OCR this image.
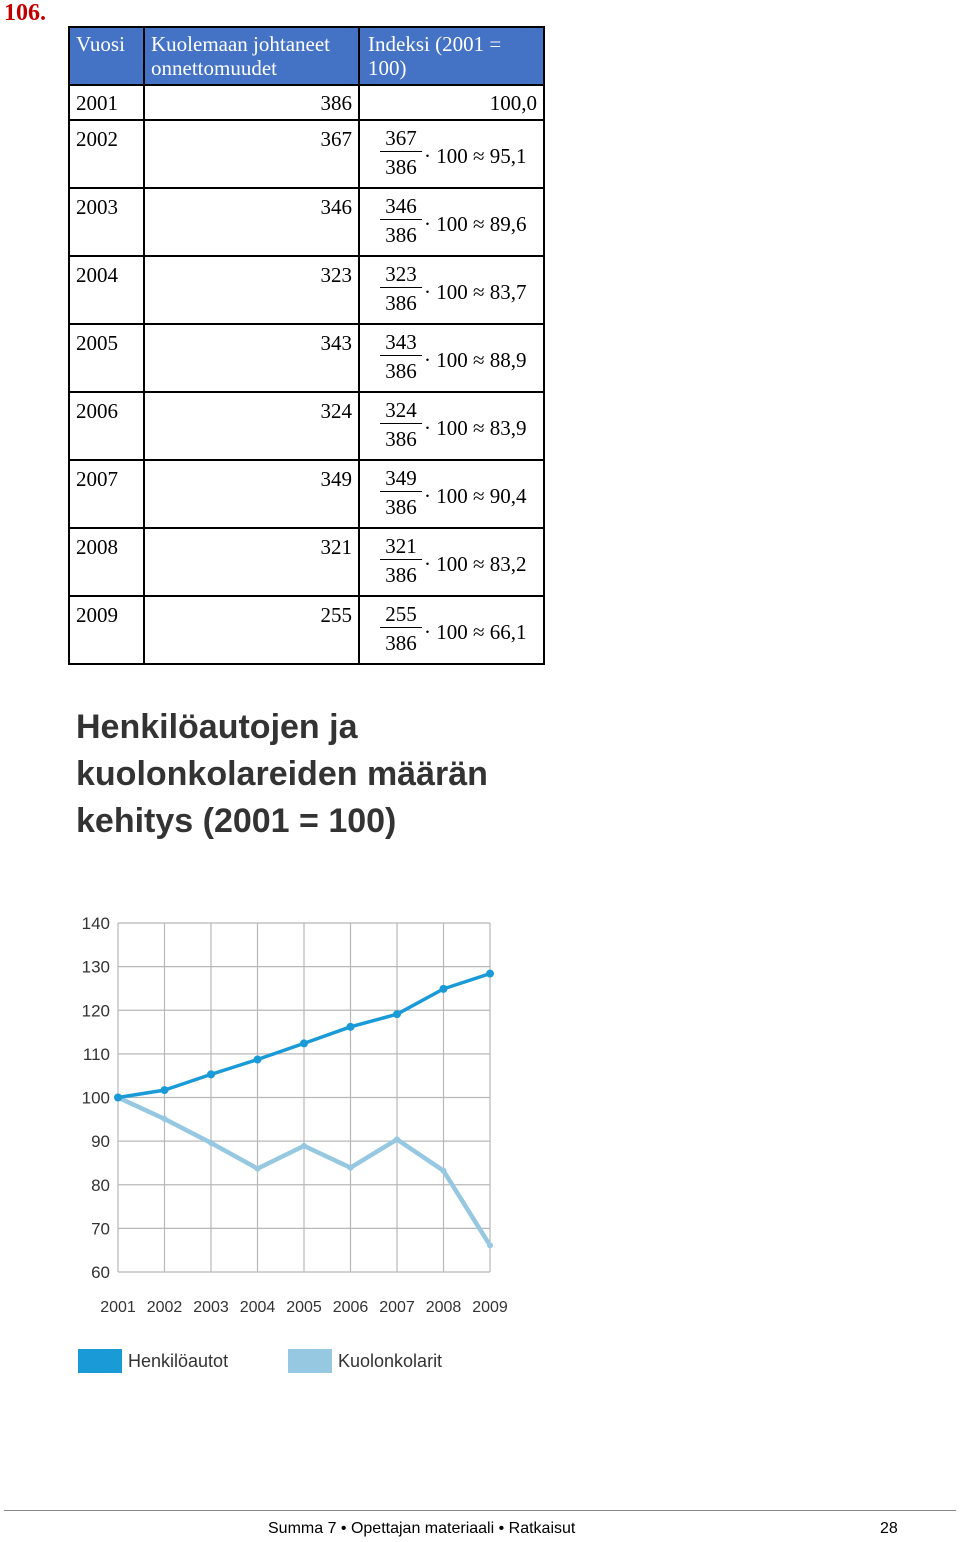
106.
Vuosi	Kuolemaan johtaneet onnettomuudet	Indeksi (2001 = 100)
2001	386	100,0
2002	367	367
386 · 100 ≈ 95,1

2003	346	346
386 · 100 ≈ 89,6

2004	323	323
386 · 100 ≈ 83,7

2005	343	343
386 · 100 ≈ 88,9

2006	324	324
386 · 100 ≈ 83,9

2007	349	349
386 · 100 ≈ 90,4

2008	321	321
386 · 100 ≈ 83,2

2009	255	255
386 · 100 ≈ 66,1
Henkilöautojen ja kuolonkolareiden määrän kehitys (2001 = 100)
140
130
120
110
100
90
80
70
60
2001 2002 2003 2004 2005 2006 2007 2008 2009
Henkilöautot	Kuolonkolarit
Summa 7 • Opettajan materiaali • Ratkaisut	28
